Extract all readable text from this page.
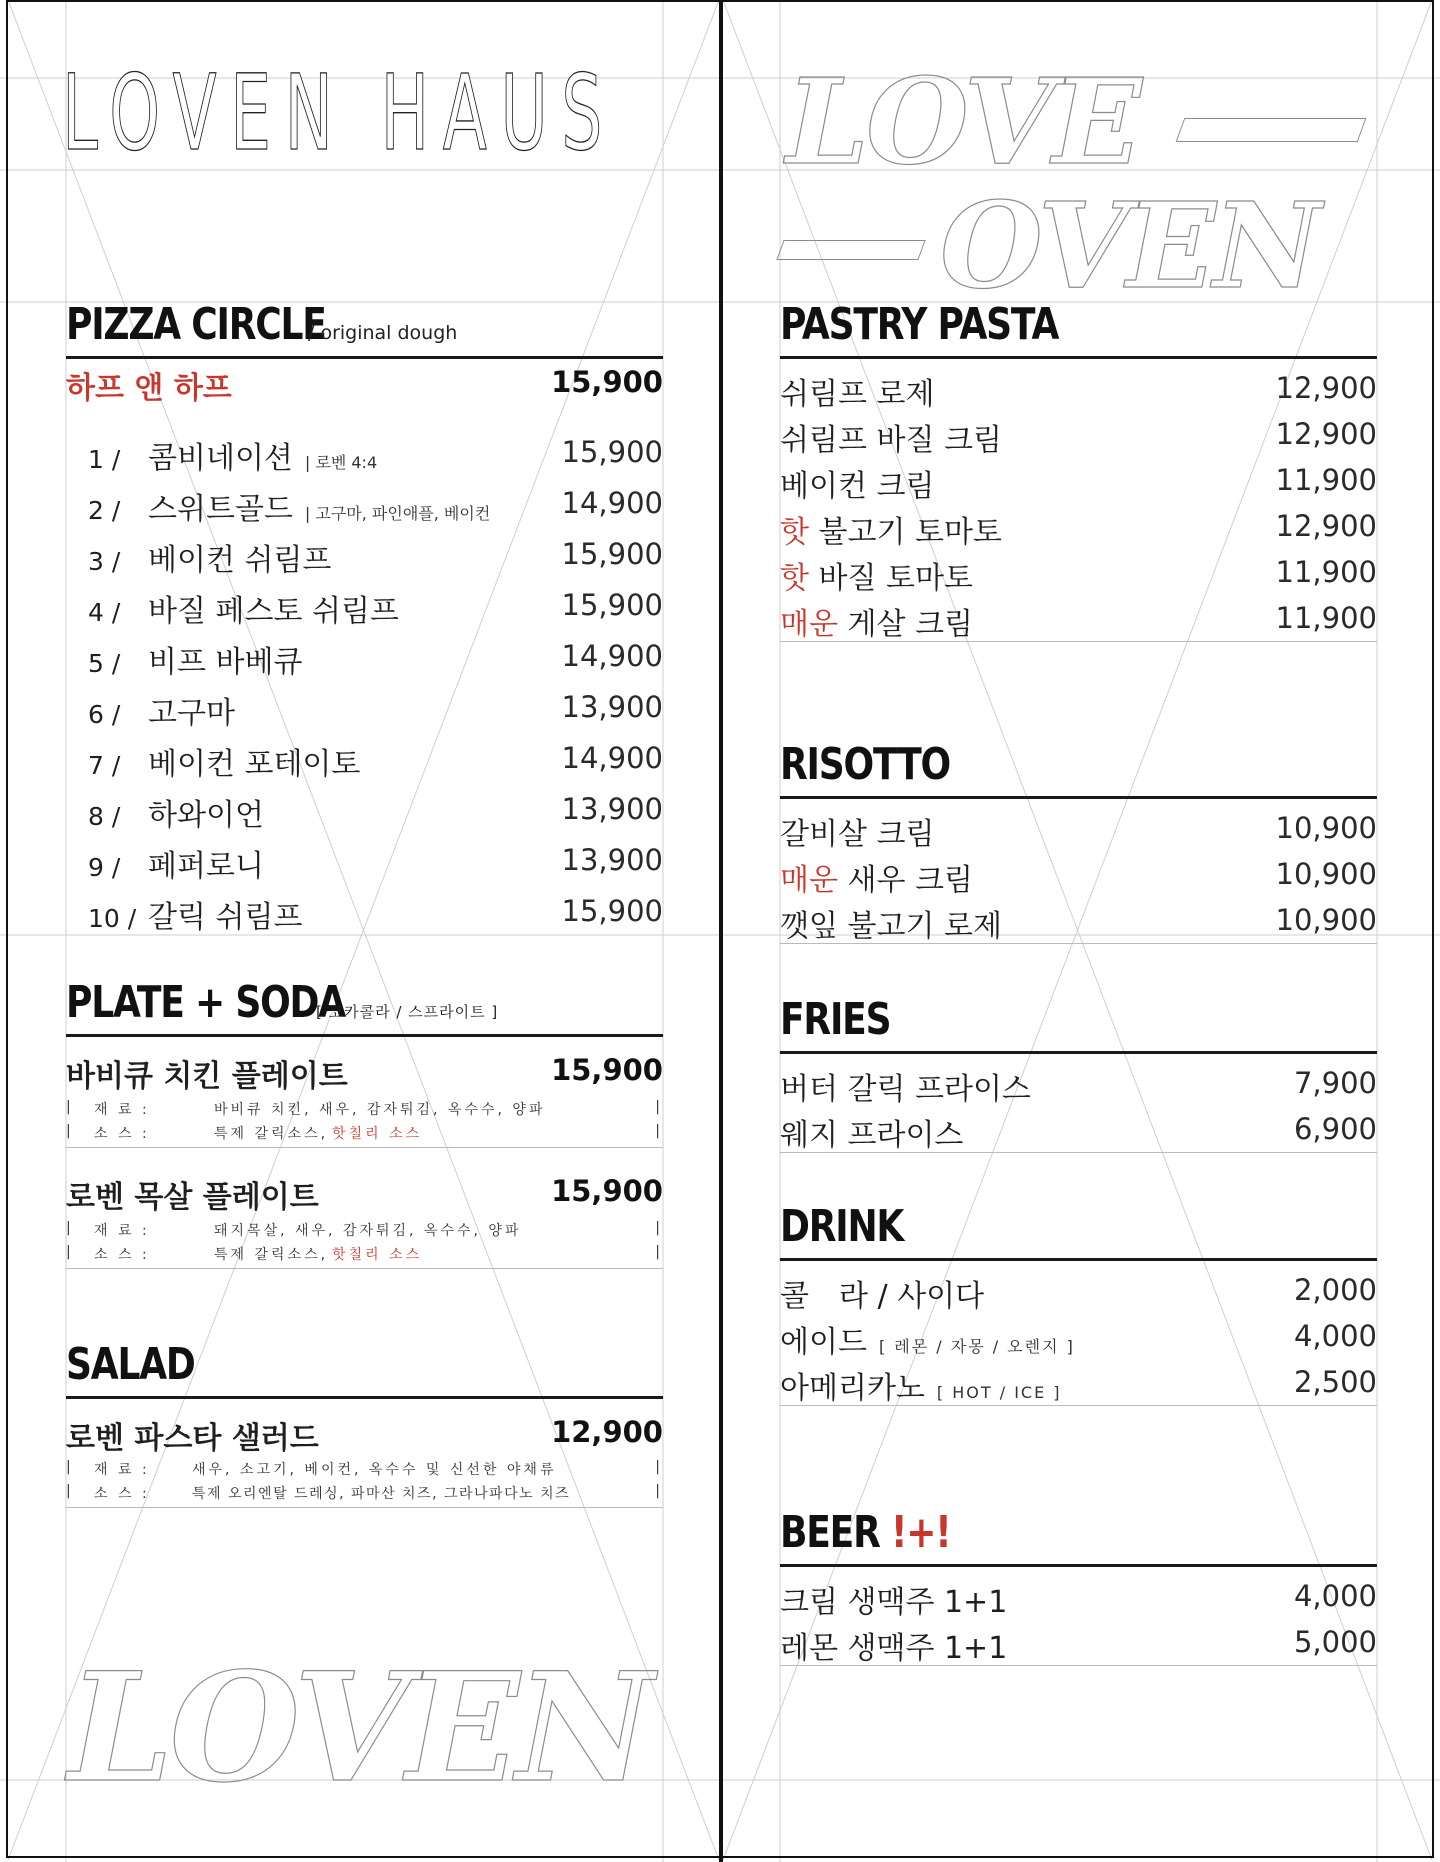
LOVEN HAUS
PIZZA CIRCLE
/ original dough
하프 앤 하프	15,900
1 / 콤비네이션 | 로벤 4:4	15,900
2 / 스위트골드 | 고구마, 파인애플, 베이컨 14,900
3 / 베이컨 쉬림프	15,900
4 / 바질 페스토 쉬림프	15,900
5 / 비프 바베큐	14,900
6 / 고구마	13,900
7 / 베이컨 포테이토	14,900
8 / 하와이언	13,900
9 / 페퍼로니	13,900
10 / 갈릭 쉬림프	15,900
PLATE + SODA
[ 코카콜라 / 스프라이트 ]
바비큐 치킨 플레이트	15,900
| 재 료 :	바비큐 치킨, 새우, 감자튀김, 옥수수, 양파	|
| 소 스 :	특제 갈릭소스, 핫칠리 소스	|
로벤 목살 플레이트	15,900
| 재 료 :	돼지목살, 새우, 감자튀김, 옥수수, 양파	|
| 소 스 :	특제 갈릭소스, 핫칠리 소스	|
SALAD
로벤 파스타 샐러드	12,900
| 재 료 :	새우, 소고기, 베이컨, 옥수수 및 신선한 야채류	|
| 소 스 :	특제 오리엔탈 드레싱, 파마산 치즈, 그라나파다노 치즈	|
LOVEN
LOVE
OVEN
PASTRY PASTA
쉬림프 로제	12,900
쉬림프 바질 크림	12,900
베이컨 크림	11,900
핫 불고기 토마토	12,900
핫 바질 토마토	11,900
매운 게살 크림	11,900
RISOTTO
갈비살 크림	10,900
매운 새우 크림	10,900
깻잎 불고기 로제	10,900
FRIES
버터 갈릭 프라이스	7,900
웨지 프라이스	6,900
DRINK
콜　라 / 사이다	2,000
에이드 [ 레몬 / 자몽 / 오렌지 ]	4,000
아메리카노 [ HOT / ICE ]	2,500
BEER !+!
크림 생맥주 1+1	4,000
레몬 생맥주 1+1	5,000
